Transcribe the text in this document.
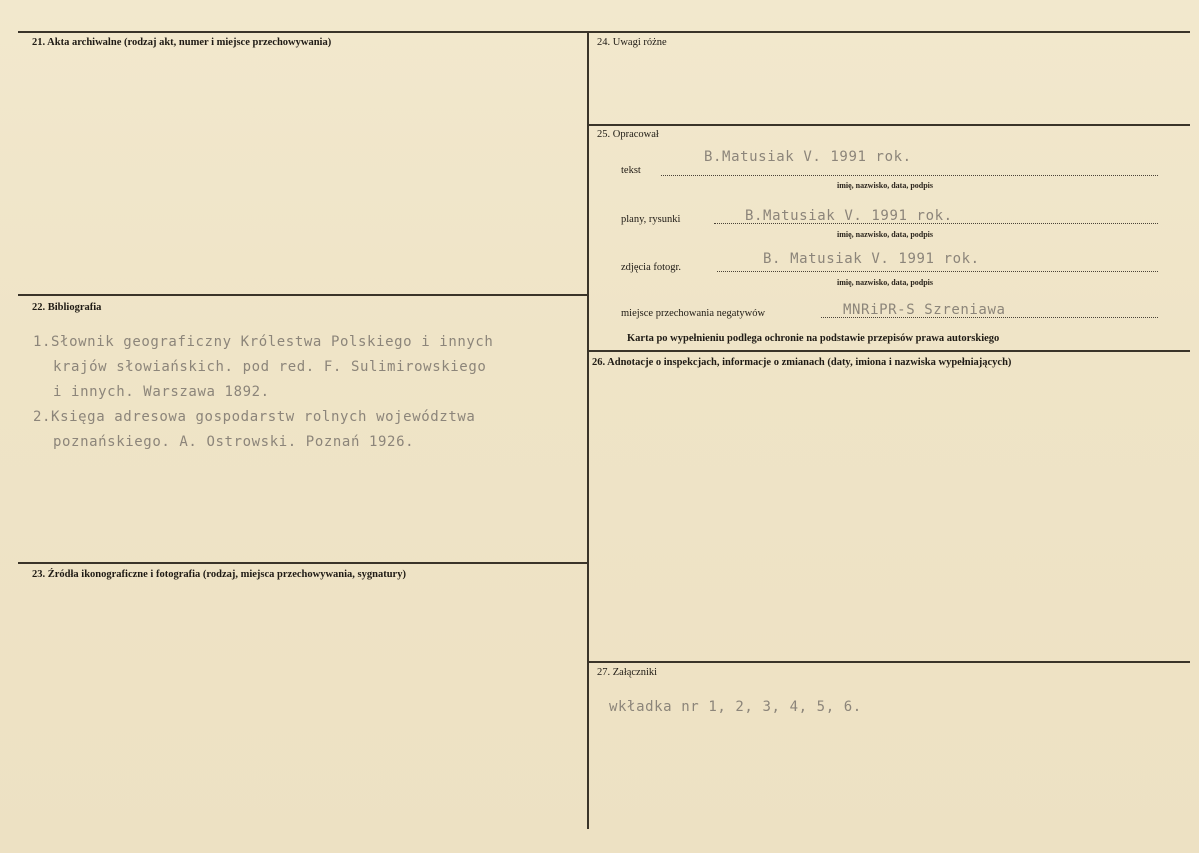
21. Akta archiwalne (rodzaj akt, numer i miejsce przechowywania)
22. Bibliografia
1.Słownik geograficzny Królestwa Polskiego i innych
krajów słowiańskich. pod red. F. Sulimirowskiego
i innych. Warszawa 1892.
2.Księga adresowa gospodarstw rolnych województwa
poznańskiego. A. Ostrowski. Poznań 1926.
23. Źródła ikonograficzne i fotografia (rodzaj, miejsca przechowywania, sygnatury)
24. Uwagi różne
25. Opracował
tekst
B.Matusiak V. 1991 rok.
imię, nazwisko, data, podpis
plany, rysunki	B.Matusiak V. 1991 rok.
imię, nazwisko, data, podpis
zdjęcia fotogr.
B. Matusiak V. 1991 rok.
imię, nazwisko, data, podpis
miejsce przechowania negatywów	MNRiPR-S Szreniawa
Karta po wypełnieniu podlega ochronie na podstawie przepisów prawa autorskiego
26. Adnotacje o inspekcjach, informacje o zmianach (daty, imiona i nazwiska wypełniających)
27. Załączniki
wkładka nr 1, 2, 3, 4, 5, 6.
